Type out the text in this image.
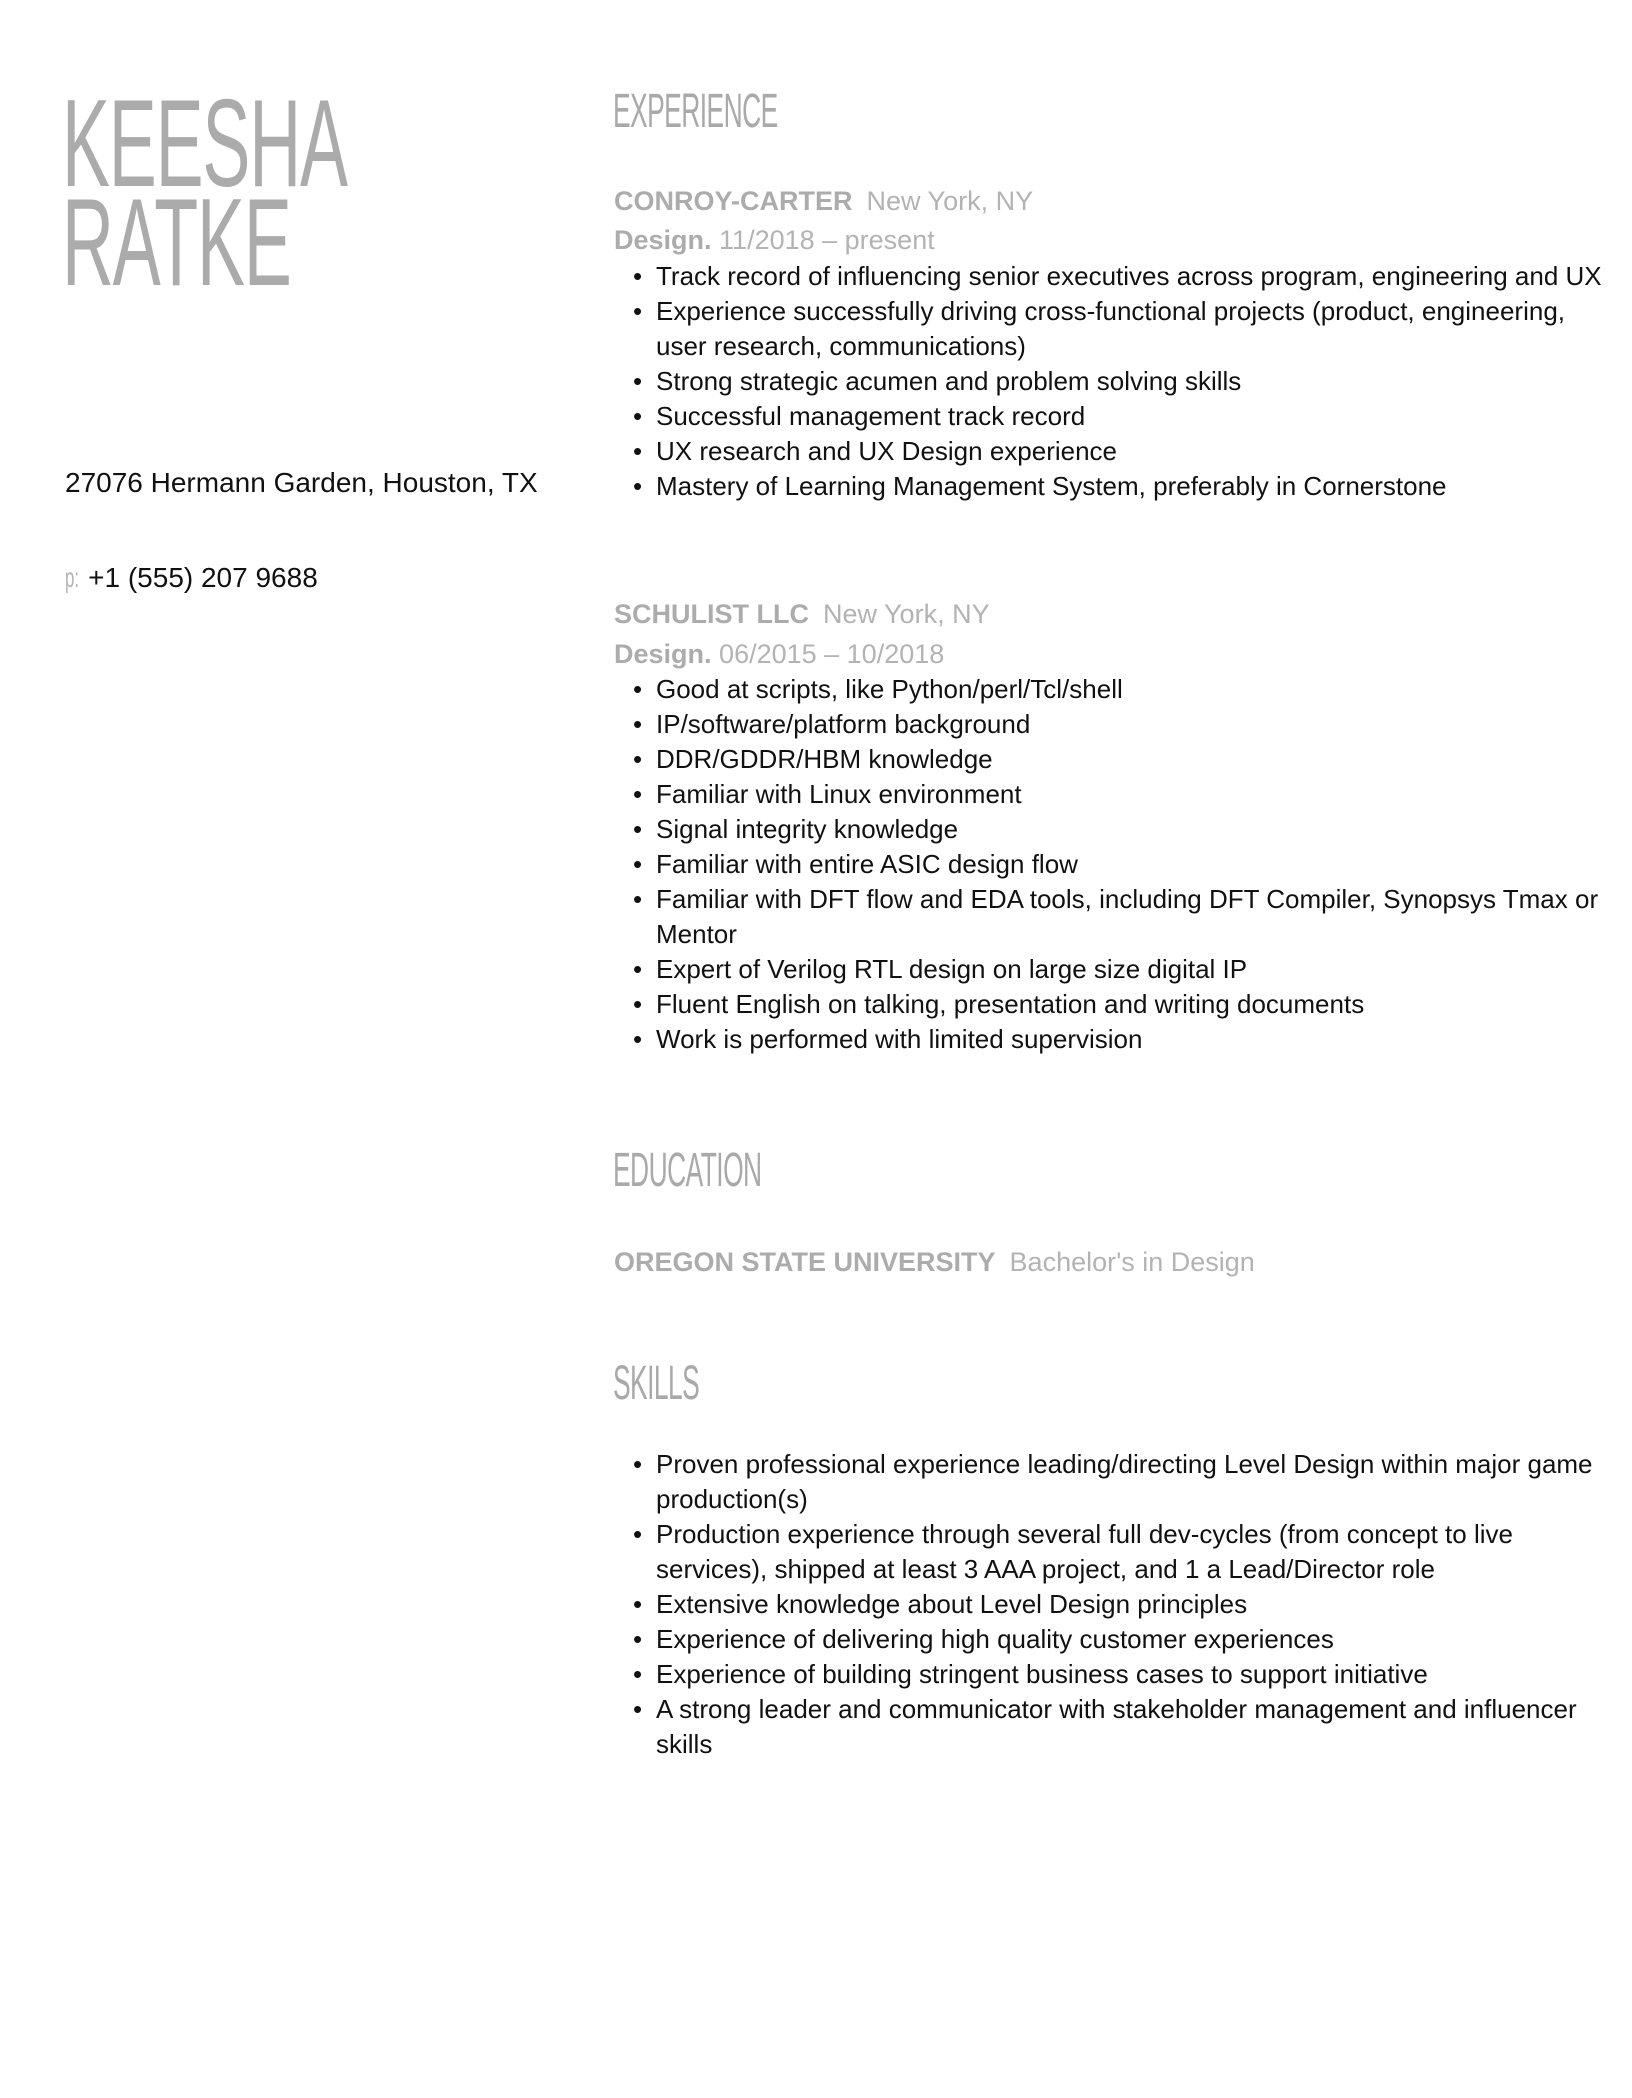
KEESHA
RATKE
27076 Hermann Garden, Houston, TX
p: +1 (555) 207 9688
EXPERIENCE
CONROY-CARTER New York, NY
Design. 11/2018 – present
• Track record of influencing senior executives across program, engineering and UX
• Experience successfully driving cross-functional projects (product, engineering, user research, communications)
• Strong strategic acumen and problem solving skills
• Successful management track record
• UX research and UX Design experience
• Mastery of Learning Management System, preferably in Cornerstone
SCHULIST LLC New York, NY
Design. 06/2015 – 10/2018
• Good at scripts, like Python/perl/Tcl/shell
• IP/software/platform background
• DDR/GDDR/HBM knowledge
• Familiar with Linux environment
• Signal integrity knowledge
• Familiar with entire ASIC design flow
• Familiar with DFT flow and EDA tools, including DFT Compiler, Synopsys Tmax or Mentor
• Expert of Verilog RTL design on large size digital IP
• Fluent English on talking, presentation and writing documents
• Work is performed with limited supervision
EDUCATION
OREGON STATE UNIVERSITY Bachelor's in Design
SKILLS
• Proven professional experience leading/directing Level Design within major game production(s)
• Production experience through several full dev-cycles (from concept to live services), shipped at least 3 AAA project, and 1 a Lead/Director role
• Extensive knowledge about Level Design principles
• Experience of delivering high quality customer experiences
• Experience of building stringent business cases to support initiative
• A strong leader and communicator with stakeholder management and influencer skills
